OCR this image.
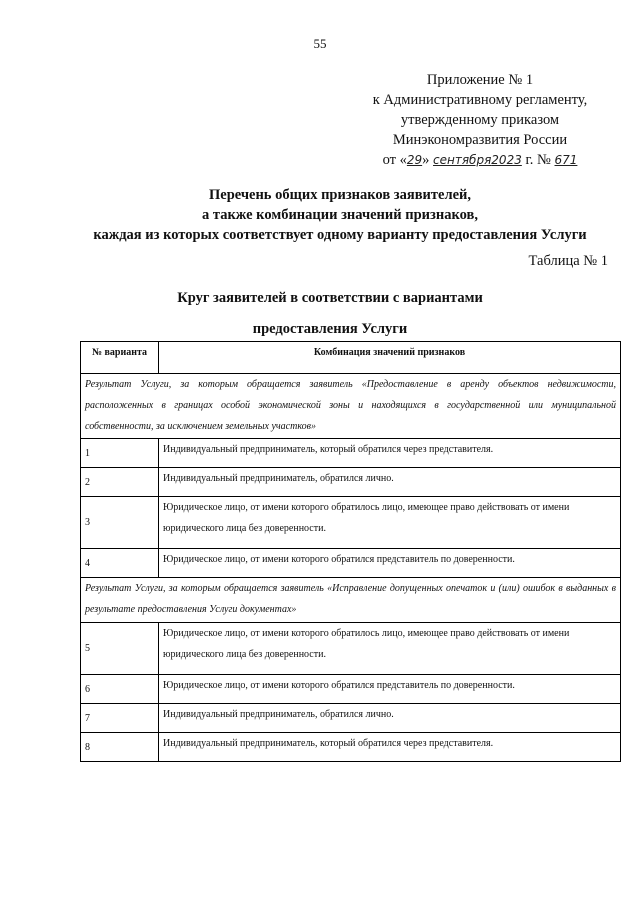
55
Приложение № 1
к Административному регламенту,
утвержденному приказом
Минэкономразвития России
от «29» сентября2023 г. № 671
Перечень общих признаков заявителей,
а также комбинации значений признаков,
каждая из которых соответствует одному варианту предоставления Услуги
Таблица № 1
Круг заявителей в соответствии с вариантами
предоставления Услуги
№ варианта	Комбинация значений признаков
Результат Услуги, за которым обращается заявитель «Предоставление в аренду объектов недвижимости, расположенных в границах особой экономической зоны и находящихся в государственной или муниципальной собственности, за исключением земельных участков»	
1	Индивидуальный предприниматель, который обратился через представителя.
2	Индивидуальный предприниматель, обратился лично.
3	Юридическое лицо, от имени которого обратилось лицо, имеющее право действовать от имени юридического лица без доверенности.
4	Юридическое лицо, от имени которого обратился представитель по доверенности.
Результат Услуги, за которым обращается заявитель «Исправление допущенных опечаток и (или) ошибок в выданных в результате предоставления Услуги документах»	
5	Юридическое лицо, от имени которого обратилось лицо, имеющее право действовать от имени юридического лица без доверенности.
6	Юридическое лицо, от имени которого обратился представитель по доверенности.
7	Индивидуальный предприниматель, обратился лично.
8	Индивидуальный предприниматель, который обратился через представителя.
